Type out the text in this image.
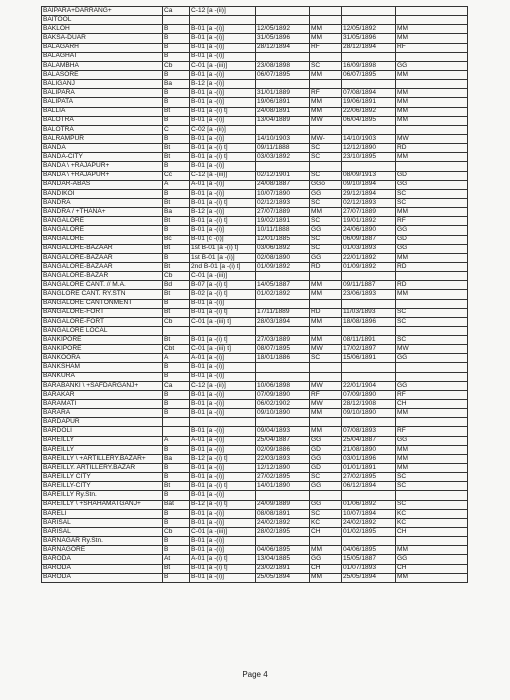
BAIPARA+DARRANG+	Ca	C-12 [a -(ii)]				
BAITOOL						
BAKLOH	B	B-01 [a -(i)]	12/05/1892	MM	12/05/1892	MM
BAKSA-DUAR	B	B-01 [a -(i)]	31/05/1896	MM	31/05/1896	MM
BALAGARH	B	B-01 [a -(i)]	28/12/1894	RF	28/12/1894	RF
BALAGHAT	B	B-01 [a -(i)]				
BALAMBHA	Cb	C-01 [a -(iii)]	23/08/1898	SC	16/09/1898	GG
BALASORE	B	B-01 [a -(i)]	06/07/1895	MM	06/07/1895	MM
BALIGANJ	Ba	B-12 [a -(i)]				
BALIPARA	B	B-01 [a -(i)]	31/01/1889	RF	07/08/1894	MM
BALIPATA	B	B-01 [a -(i)]	19/06/1891	MM	19/06/1891	MM
BALLIA	Bt	B-01 [a -(i) t]	24/08/1891	MM	22/06/1892	MM
BALOTRA	B	B-01 [a -(i)]	13/04/1889	MW	06/04/1895	MM
BALOTRA	C	C-02 [a -(ii)]				
BALRAMPUR	B	B-01 [a -(i)]	14/10/1903	MW-	14/10/1903	MW
BANDA	Bt	B-01 [a -(i) t]	09/11/1888	SC	12/12/1890	RD
BANDA-CITY	Bt	B-01 [a -(i) t]	03/03/1892	SC	23/10/1895	MM
BANDA \ +RAJAPUR+	B	B-01 [a -(i)]				
BANDA \ +RAJAPUR+	Cc	C-12 [a -(iii)]	02/12/1901	SC	08/09/1913	GD
BANDAR-ABAS	A	A-01 [a -(i)]	24/08/1887	GGo	09/10/1894	GG
BANDIKOI	B	B-01 [a -(i)]	10/07/1890	GG	29/12/1894	SC
BANDRA	Bt	B-01 [a -(i) t]	02/12/1893	SC	02/12/1893	SC
BANDRA / +THANA+	Ba	B-12 [a -(i)]	27/07/1889	MM	27/07/1889	MM
BANGALORE	Bt	B-01 [a -(i) t]	19/02/1891	SC	19/01/1892	RF
BANGALORE	B	B-01 [a -(i)]	10/11/1888	GG	24/06/1890	GG
BANGALORE	Bc	B-01 [c -(i)]	12/01/1885	SC	06/09/1887	GD
BANGALORE-BAZAAR	Bt	1st B-01 [a -(i) t]	03/06/1892	SC	01/03/1893	GG
BANGALORE-BAZAAR	B	1st B-01 [a -(i)]	02/08/1890	GG	22/01/1892	MM
BANGALORE-BAZAAR	Bt	2nd B-01 [a -(i) t]	01/09/1892	RD	01/09/1892	RD
BANGALORE-BAZAR	Cb	C-01 [a -(iii)]				
BANGALORE CANT. // M.A.	Bd	B-07 [a -(i) t]	14/05/1887	MM	09/11/1887	RD
BANGLORE CANT. RY.STN	Bt	B-02 [a -(i) t]	01/02/1892	MM	23/06/1893	MM
BANGALORE CANTONMENT	B	B-01 [a -(i)]				
BANGALORE-FORT	Bt	B-01 [a -(i) t]	17/11/1889	RD	11/03/1893	SC
BANGALORE-FORT	Cb	C-01 [a -(iii) t]	28/03/1894	MM	18/08/1896	SC
BANGALORE LOCAL						
BANKIPORE	Bt	B-01 [a -(i) t]	27/03/1889	MM	08/11/1891	SC
BANKIPORE	Cbt	C-01 [a -(iii) t]	08/07/1895	MW	17/02/1897	MW
BANKOORA	A	A-01 [a -(i)]	18/01/1886	SC	15/06/1891	GG
BANKSHAM	B	B-01 [a -(i)]				
BANKURA	B	B-01 [a -(i)]				
BARABANKI \ +SAFDARGANJ+	Ca	C-12 [a -(ii)]	10/06/1898	MW	22/01/1904	GG
BARAKAR	B	B-01 [a -(i)]	07/09/1890	RF	07/09/1890	RF
BARAMATI	B	B-01 [a -(i)]	06/02/1902	MW	28/12/1908	CH
BARARA	B	B-01 [a -(i)]	09/10/1890	MM	09/10/1890	MM
BARDAPUR						
BARDOLI		B-01 [a -(i)]	09/04/1893	MM	07/08/1893	RF
BAREILLY	A	A-01 [a -(i)]	25/04/1887	GG	25/04/1887	GG
BAREILLY	B	B-01 [a -(i)]	02/09/1886	GD	21/08/1890	MM
BAREILLY \ +ARTILLERY.BAZAR+	Ba	B-12 [a -(i) t]	22/03/1893	GG	03/01/1896	MM
BAREILLY. ARTILLERY.BAZAR	B	B-01 [a -(i)]	12/12/1890	GD	01/01/1891	MM
BAREILLY CITY	B	B-01 [a -(i)]	27/02/1895	SC	27/02/1895	SC
BAREILLY-CITY	Bt	B-01 [a -(i) t]	14/01/1890	GG	06/12/1894	SC
BAREILLY Ry.Stn.	B	B-01 [a -(i)]				
BAREILLY \ +SHAHAMATGANJ+	Bat	B-12 [a -(i) t]	24/09/1889	GG	01/06/1892	SC
BARELI	B	B-01 [a -(i)]	08/08/1891	SC	10/07/1894	KC
BARISAL	B	B-01 [a -(i)]	24/02/1892	KC	24/02/1892	KC
BARISAL	Cb	C-01 [a -(iii)]	28/02/1895	CH	01/02/1895	CH
BARNAGAR Ry.Stn.	B	B-01 [a -(i)]				
BARNAGORE	B	B-01 [a -(i)]	04/06/1895	MM	04/06/1895	MM
BARODA	At	A-01 [a -(i) t]	13/04/1885	GG	15/05/1887	GG
BARODA	Bt	B-01 [a -(i) t]	23/02/1891	CH	01/07/1893	CH
BARODA	B	B-01 [a -(i)]	25/05/1894	MM	25/05/1894	MM
Page 4
